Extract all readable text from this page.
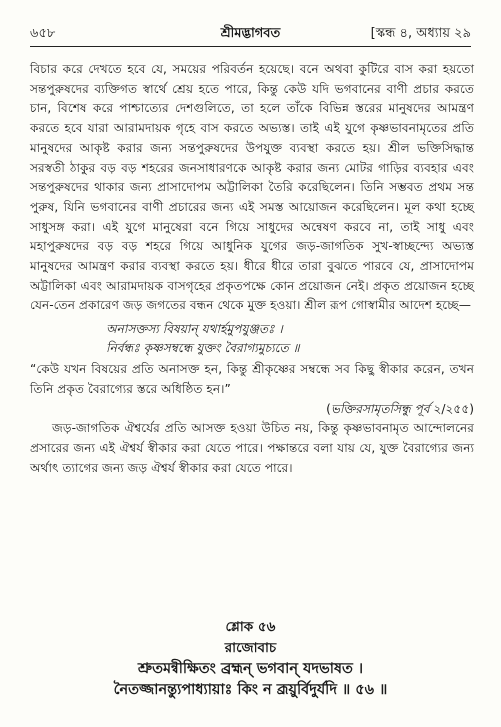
৬৫৮	শ্রীমদ্ভাগবত	[স্কন্ধ ৪, অধ্যায় ২৯

বিচার করে দেখতে হবে যে, সময়ের পরিবর্তন হয়েছে। বনে অথবা কুটিরে বাস করা হয়তো সন্তপুরুষদের ব্যক্তিগত স্বার্থে শ্রেয় হতে পারে, কিন্তু কেউ যদি ভগবানের বাণী প্রচার করতে চান, বিশেষ করে পাশ্চাত্যের দেশগুলিতে, তা হলে তাঁকে বিভিন্ন স্তরের মানুষদের আমন্ত্রণ করতে হবে যারা আরামদায়ক গৃহে বাস করতে অভ্যস্ত। তাই এই যুগে কৃষ্ণভাবনামৃতের প্রতি মানুষদের আকৃষ্ট করার জন্য সন্তপুরুষদের উপযুক্ত ব্যবস্থা করতে হয়। শ্রীল ভক্তিসিদ্ধান্ত সরস্বতী ঠাকুর বড় বড় শহরের জনসাধারণকে আকৃষ্ট করার জন্য মোটর গাড়ির ব্যবহার এবং সন্তপুরুষদের থাকার জন্য প্রাসাদোপম অট্টালিকা তৈরি করেছিলেন। তিনি সম্ভবত প্রথম সন্ত পুরুষ, যিনি ভগবানের বাণী প্রচারের জন্য এই সমস্ত আয়োজন করেছিলেন। মূল কথা হচ্ছে সাধুসঙ্গ করা। এই যুগে মানুষেরা বনে গিয়ে সাধুদের অন্বেষণ করবে না, তাই সাধু এবং মহাপুরুষদের বড় বড় শহরে গিয়ে আধুনিক যুগের জড়-জাগতিক সুখ-স্বাচ্ছন্দ্যে অভ্যস্ত মানুষদের আমন্ত্রণ করার ব্যবস্থা করতে হয়। ধীরে ধীরে তারা বুঝতে পারবে যে, প্রাসাদোপম অট্টালিকা এবং আরামদায়ক বাসগৃহের প্রকৃতপক্ষে কোন প্রয়োজন নেই। প্রকৃত প্রয়োজন হচ্ছে যেন-তেন প্রকারেণ জড় জগতের বন্ধন থেকে মুক্ত হওয়া। শ্রীল রূপ গোস্বামীর আদেশ হচ্ছে—

অনাসক্তস্য বিষয়ান্ যথার্হমুপযুঞ্জতঃ ।
নির্বন্ধঃ কৃষ্ণসম্বন্ধে যুক্তং বৈরাগ্যমুচ্যতে ॥

“কেউ যখন বিষয়ের প্রতি অনাসক্ত হন, কিন্তু শ্রীকৃষ্ণের সম্বন্ধে সব কিছু স্বীকার করেন, তখন তিনি প্রকৃত বৈরাগ্যের স্তরে অধিষ্ঠিত হন।”

(ভক্তিরসামৃতসিন্ধু পূর্ব ২/২৫৫)

জড়-জাগতিক ঐশ্বর্যের প্রতি আসক্ত হওয়া উচিত নয়, কিন্তু কৃষ্ণভাবনামৃত আন্দোলনের প্রসারের জন্য এই ঐশ্বর্য স্বীকার করা যেতে পারে। পক্ষান্তরে বলা যায় যে, যুক্ত বৈরাগ্যের জন্য অর্থাৎ ত্যাগের জন্য জড় ঐশ্বর্য স্বীকার করা যেতে পারে।

শ্লোক ৫৬
রাজোবাচ
শ্রুতমন্বীক্ষিতং ব্রহ্মন্ ভগবান্ যদভাষত ।
নৈতজ্জানন্ত্যুপাধ্যায়াঃ কিং ন ব্রূয়ুর্বিদুর্যদি ॥ ৫৬ ॥
